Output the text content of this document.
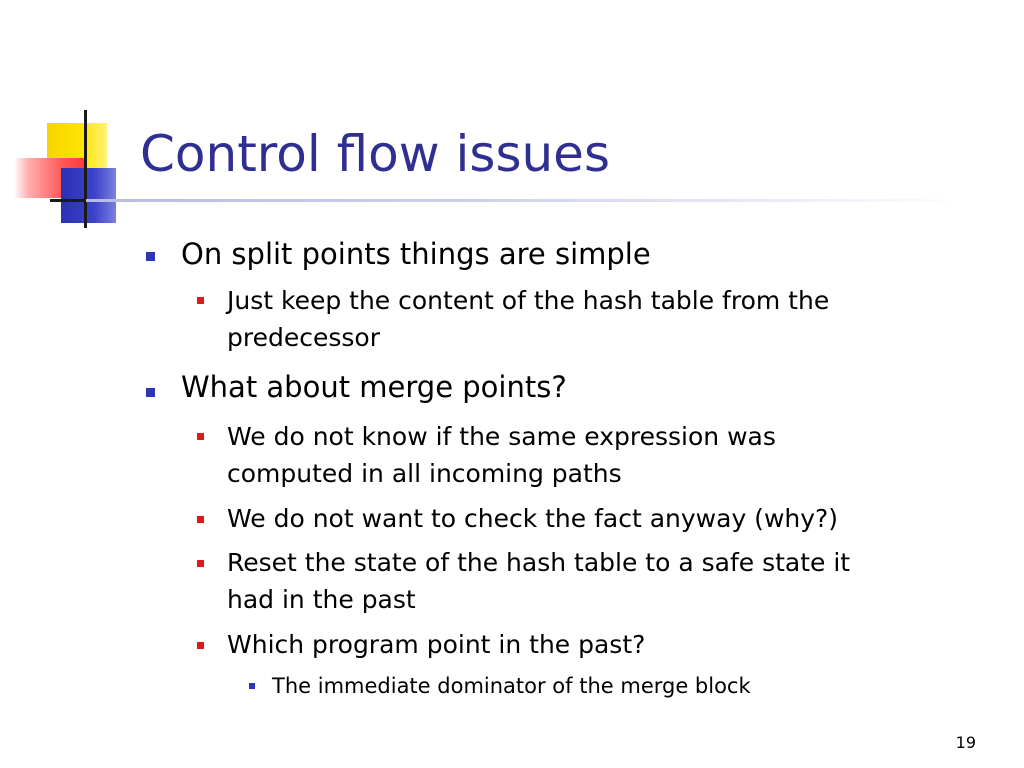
Control flow issues
On split points things are simple
Just keep the content of the hash table from the
predecessor
What about merge points?
We do not know if the same expression was
computed in all incoming paths
We do not want to check the fact anyway (why?)
Reset the state of the hash table to a safe state it
had in the past
Which program point in the past?
The immediate dominator of the merge block
19
